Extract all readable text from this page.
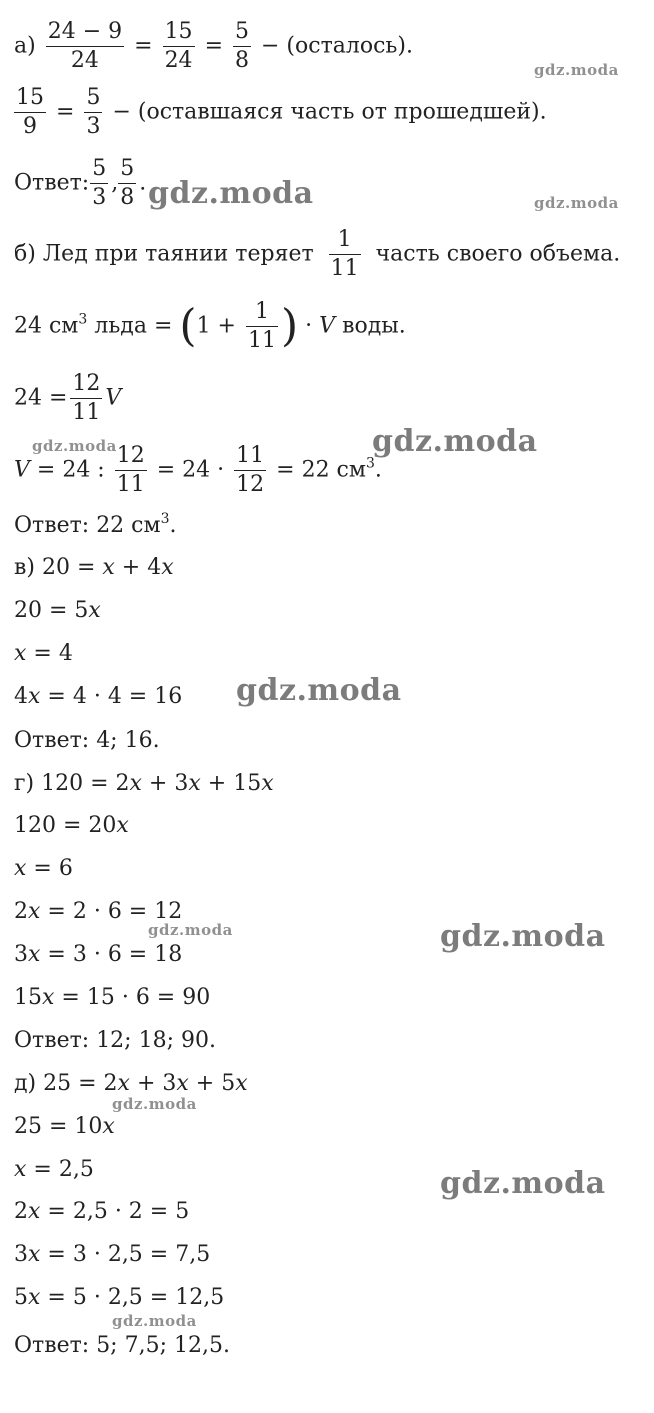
$а) \frac{24 - 9}{24} = \frac{15}{24} = \frac{5}{8}$ − (осталось).
$\frac{15}{9} = \frac{5}{3}$ − (оставшаяся часть от прошедшей).
Ответ: $\frac{5}{3}$ , $\frac{5}{8}$ .
б) Лед при таянии теряет $\frac{1}{11}$ часть своего объема.
24 $см^3$ льда = ($1 + \frac{1}{11}$ ) · V воды.
$24 = \frac{12}{11}$ V
V = 24 : $\frac{12}{11} = 24 \cdot \frac{11}{12} = 22$ $см^3$.
Ответ: 22 $см^3$.
в) 20 = x + 4x
20 = 5x
x = 4
4x = 4 · 4 = 16
Ответ: 4; 16.
г) 120 = 2x + 3x + 15x
120 = 20x
x = 6
2x = 2 · 6 = 12
3x = 3 · 6 = 18
15x = 15 · 6 = 90
Ответ: 12; 18; 90.
д) 25 = 2x + 3x + 5x
25 = 10x
x = 2,5
2x = 2,5 · 2 = 5
3x = 3 · 2,5 = 7,5
5x = 5 · 2,5 = 12,5
Ответ: 5; 7,5; 12,5.
gdz.moda
gdz.moda	gdz.moda
gdz.moda	gdz.moda
gdz.moda
gdz.moda	gdz.moda
gdz.moda
gdz.moda
gdz.moda
